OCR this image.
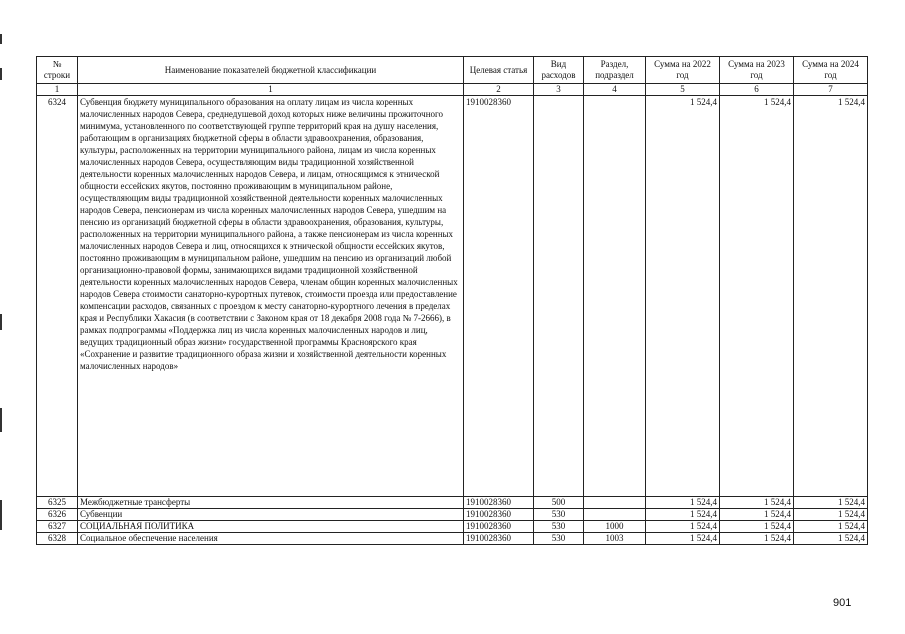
№ строки	Наименование показателей бюджетной классификации	Целевая статья	Вид расходов	Раздел, подраздел	Сумма на 2022 год	Сумма на 2023 год	Сумма на 2024 год
1	1	2	3	4	5	6	7
6324	Субвенция бюджету муниципального образования на оплату лицам из числа коренных малочисленных народов Севера, среднедушевой доход которых ниже величины прожиточного минимума, установленного по соответствующей группе территорий края на душу населения, работающим в организациях бюджетной сферы в области здравоохранения, образования, культуры, расположенных на территории муниципального района, лицам из числа коренных малочисленных народов Севера, осуществляющим виды традиционной хозяйственной деятельности коренных малочисленных народов Севера, и лицам, относящимся к этнической общности ессейских якутов, постоянно проживающим в муниципальном районе, осуществляющим виды традиционной хозяйственной деятельности коренных малочисленных народов Севера, пенсионерам из числа коренных малочисленных народов Севера, ушедшим на пенсию из организаций бюджетной сферы в области здравоохранения, образования, культуры, расположенных на территории муниципального района, а также пенсионерам из числа коренных малочисленных народов Севера и лиц, относящихся к этнической общности ессейских якутов, постоянно проживающим в муниципальном районе, ушедшим на пенсию из организаций любой организационно-правовой формы, занимающихся видами традиционной хозяйственной деятельности коренных малочисленных народов Севера, членам общин коренных малочисленных народов Севера стоимости санаторно-курортных путевок, стоимости проезда или предоставление компенсации расходов, связанных с проездом к месту санаторно-курортного лечения в пределах края и Республики Хакасия (в соответствии с Законом края от 18 декабря 2008 года № 7-2666), в рамках подпрограммы «Поддержка лиц из числа коренных малочисленных народов и лиц, ведущих традиционный образ жизни» государственной программы Красноярского края «Сохранение и развитие традиционного образа жизни и хозяйственной деятельности коренных малочисленных народов»	1910028360			1 524,4	1 524,4	1 524,4
6325	Межбюджетные трансферты	1910028360	500		1 524,4	1 524,4	1 524,4
6326	Субвенции	1910028360	530		1 524,4	1 524,4	1 524,4
6327	СОЦИАЛЬНАЯ ПОЛИТИКА	1910028360	530	1000	1 524,4	1 524,4	1 524,4
6328	Социальное обеспечение населения	1910028360	530	1003	1 524,4	1 524,4	1 524,4
901
